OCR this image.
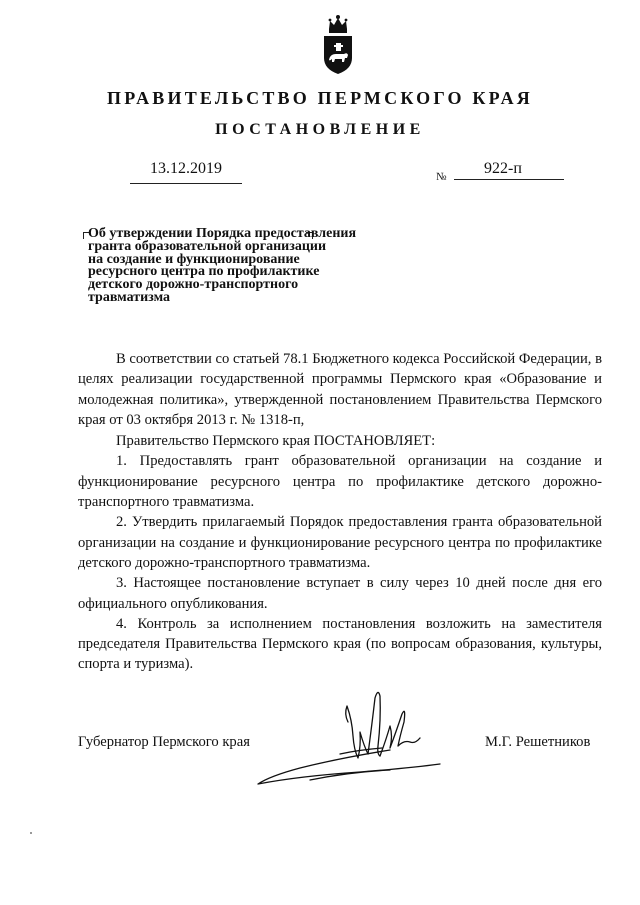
ПРАВИТЕЛЬСТВО ПЕРМСКОГО КРАЯ
ПОСТАНОВЛЕНИЕ
13.12.2019	№ 922-п
Об утверждении Порядка предоставления
гранта образовательной организации
на создание и функционирование
ресурсного центра по профилактике
детского дорожно-транспортного
травматизма

В соответствии со статьей 78.1 Бюджетного кодекса Российской Федерации, в целях реализации государственной программы Пермского края «Образование и молодежная политика», утвержденной постановлением Правительства Пермского края от 03 октября 2013 г. № 1318-п,

Правительство Пермского края ПОСТАНОВЛЯЕТ:

1. Предоставлять грант образовательной организации на создание и функционирование ресурсного центра по профилактике детского дорожно-транспортного травматизма.

2. Утвердить прилагаемый Порядок предоставления гранта образовательной организации на создание и функционирование ресурсного центра по профилактике детского дорожно-транспортного травматизма.

3. Настоящее постановление вступает в силу через 10 дней после дня его официального опубликования.

4. Контроль за исполнением постановления возложить на заместителя председателя Правительства Пермского края (по вопросам образования, культуры, спорта и туризма).

Губернатор Пермского края	М.Г. Решетников
